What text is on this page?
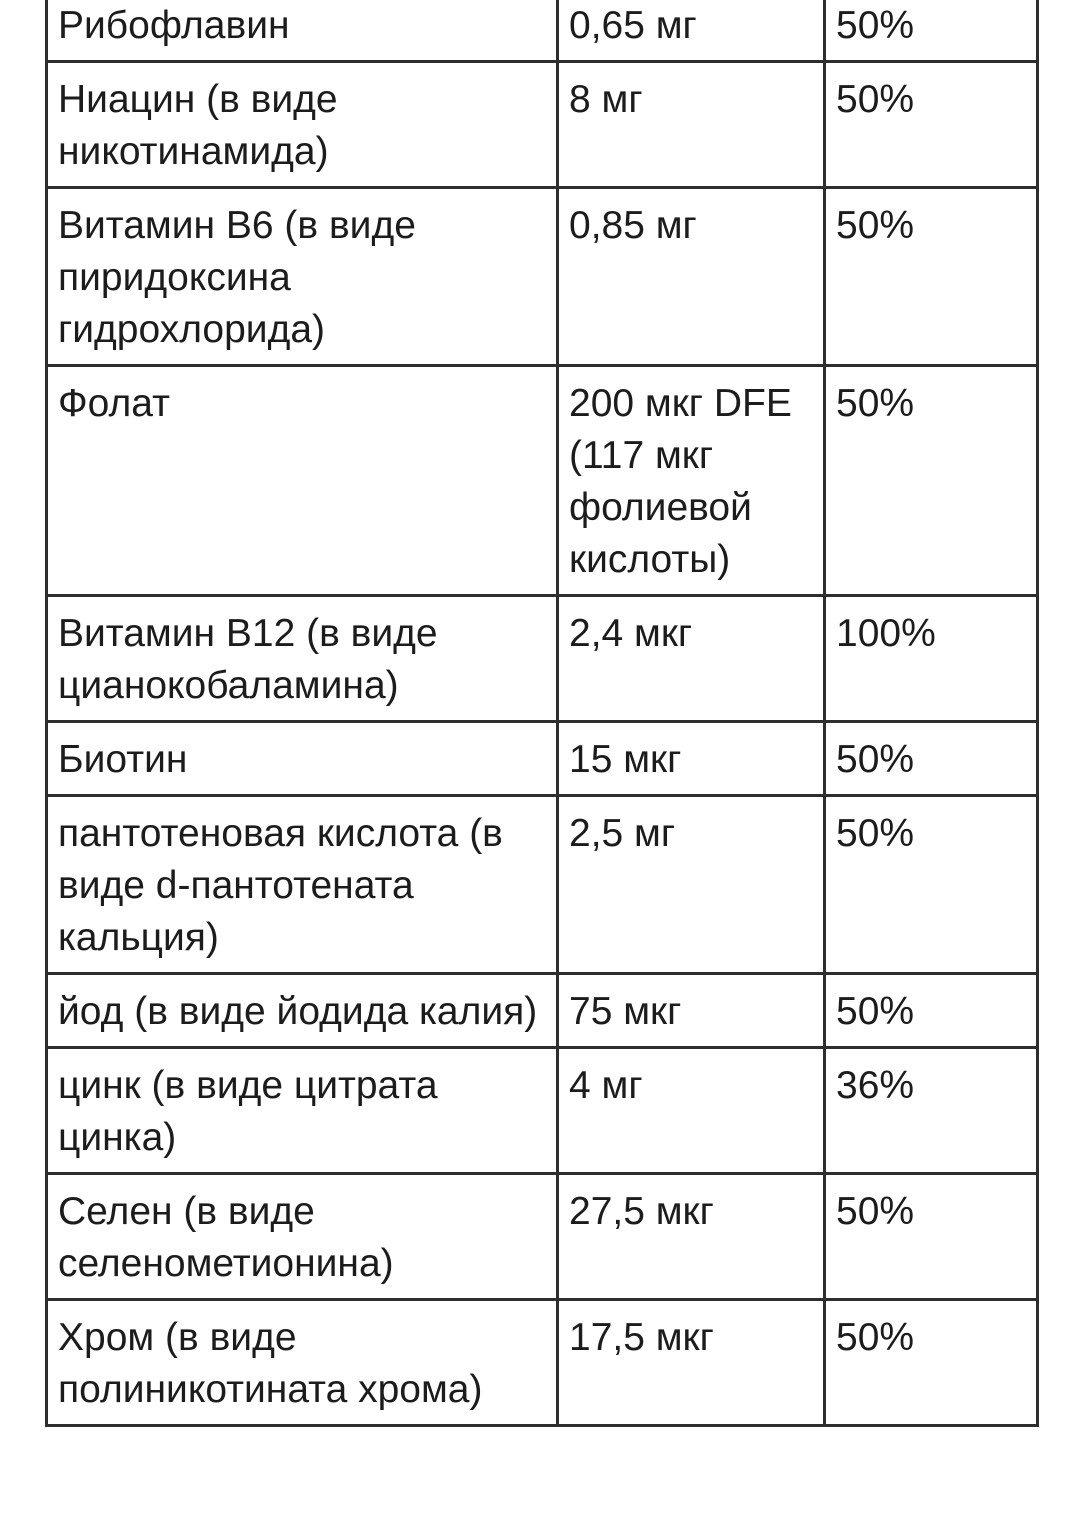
Рибофлавин	0,65 мг	50%
Ниацин (в виде никотинамида)	8 мг	50%
Витамин B6 (в виде пиридоксина гидрохлорида)	0,85 мг	50%
Фолат	200 мкг DFE (117 мкг фолиевой кислоты)	50%
Витамин B12 (в виде цианокобаламина)	2,4 мкг	100%
Биотин	15 мкг	50%
пантотеновая кислота (в виде d-пантотената кальция)	2,5 мг	50%
йод (в виде йодида калия)	75 мкг	50%
цинк (в виде цитрата цинка)	4 мг	36%
Селен (в виде селенометионина)	27,5 мкг	50%
Хром (в виде полиникотината хрома)	17,5 мкг	50%
